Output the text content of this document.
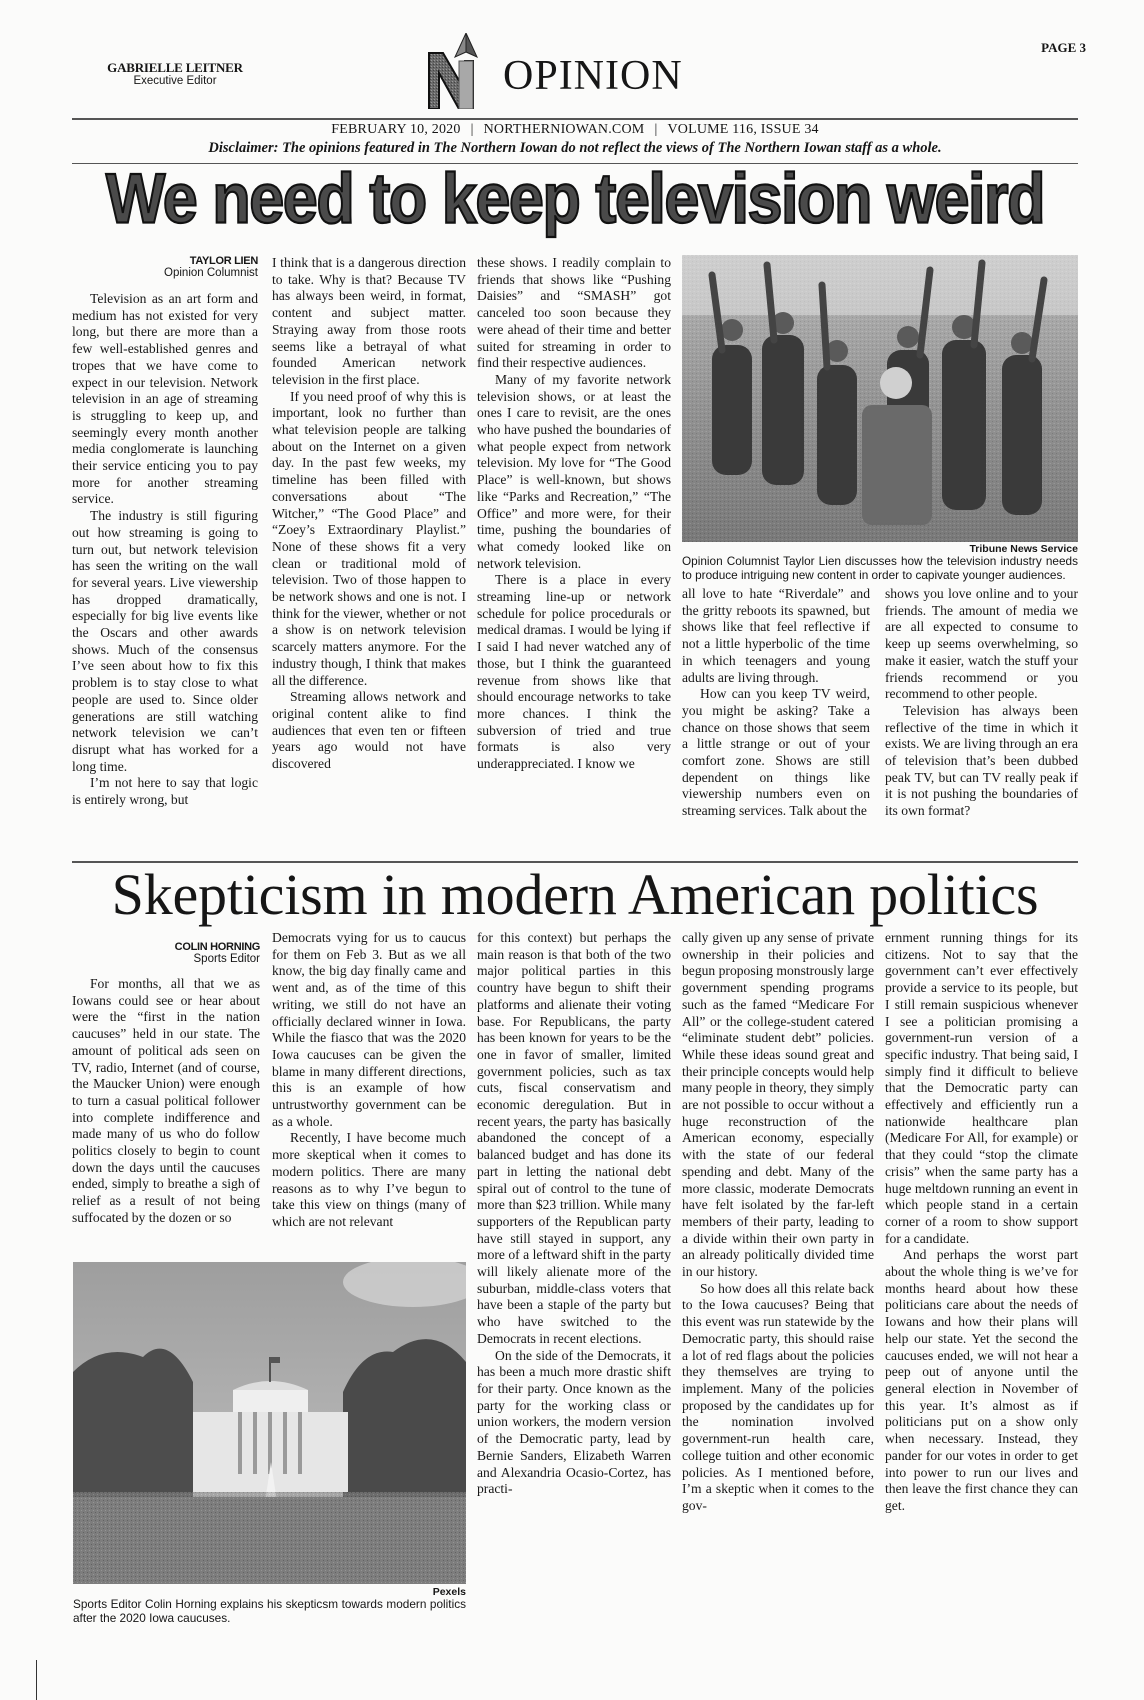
GABRIELLE LEITNER
Executive Editor	OPINION
PAGE 3
FEBRUARY 10, 2020 | NORTHERNIOWAN.COM | VOLUME 116, ISSUE 34
Disclaimer: The opinions featured in The Northern Iowan do not reflect the views of The Northern Iowan staff as a whole.
We need to keep television weird
TAYLOR LIEN
Opinion Columnist

Television as an art form and medium has not existed for very long, but there are more than a few well-established genres and tropes that we have come to expect in our television. Network television in an age of streaming is struggling to keep up, and seemingly every month another media conglomerate is launching their service enticing you to pay more for another streaming service.

The industry is still figuring out how streaming is going to turn out, but network television has seen the writing on the wall for several years. Live viewership has dropped dramatically, especially for big live events like the Oscars and other awards shows. Much of the consensus I’ve seen about how to fix this problem is to stay close to what people are used to. Since older generations are still watching network television we can’t disrupt what has worked for a long time.

I’m not here to say that logic is entirely wrong, but

I think that is a dangerous direction to take. Why is that? Because TV has always been weird, in format, content and subject matter. Straying away from those roots seems like a betrayal of what founded American network television in the first place.

If you need proof of why this is important, look no further than what television people are talking about on the Internet on a given day. In the past few weeks, my timeline has been filled with conversations about “The Witcher,” “The Good Place” and “Zoey’s Extraordinary Playlist.” None of these shows fit a very clean or traditional mold of television. Two of those happen to be network shows and one is not. I think for the viewer, whether or not a show is on network television scarcely matters anymore. For the industry though, I think that makes all the difference.

Streaming allows network and original content alike to find audiences that even ten or fifteen years ago would not have discovered

these shows. I readily complain to friends that shows like “Pushing Daisies” and “SMASH” got canceled too soon because they were ahead of their time and better suited for streaming in order to find their respective audiences.

Many of my favorite network television shows, or at least the ones I care to revisit, are the ones who have pushed the boundaries of what people expect from network television. My love for “The Good Place” is well-known, but shows like “Parks and Recreation,” “The Office” and more were, for their time, pushing the boundaries of what comedy looked like on network television.

There is a place in every streaming line-up or network schedule for police procedurals or medical dramas. I would be lying if I said I had never watched any of those, but I think the guaranteed revenue from shows like that should encourage networks to take more chances. I think the subversion of tried and true formats is also very underappreciated. I know we

Tribune News Service
Opinion Columnist Taylor Lien discusses how the television industry needs to produce intriguing new content in order to capivate younger audiences.

all love to hate “Riverdale” and the gritty reboots its spawned, but shows like that feel reflective if not a little hyperbolic of the time in which teenagers and young adults are living through.

How can you keep TV weird, you might be asking? Take a chance on those shows that seem a little strange or out of your comfort zone. Shows are still dependent on things like viewership numbers even on streaming services. Talk about the

shows you love online and to your friends. The amount of media we are all expected to consume to keep up seems overwhelming, so make it easier, watch the stuff your friends recommend or you recommend to other people.

Television has always been reflective of the time in which it exists. We are living through an era of television that’s been dubbed peak TV, but can TV really peak if it is not pushing the boundaries of its own format?

Skepticism in modern American politics
COLIN HORNING
Sports Editor

For months, all that we as Iowans could see or hear about were the “first in the nation caucuses” held in our state. The amount of political ads seen on TV, radio, Internet (and of course, the Maucker Union) were enough to turn a casual political follower into complete indifference and made many of us who do follow politics closely to begin to count down the days until the caucuses ended, simply to breathe a sigh of relief as a result of not being suffocated by the dozen or so

Democrats vying for us to caucus for them on Feb 3. But as we all know, the big day finally came and went and, as of the time of this writing, we still do not have an officially declared winner in Iowa. While the fiasco that was the 2020 Iowa caucuses can be given the blame in many different directions, this is an example of how untrustworthy government can be as a whole.

Recently, I have become much more skeptical when it comes to modern politics. There are many reasons as to why I’ve begun to take this view on things (many of which are not relevant

Pexels
Sports Editor Colin Horning explains his skepticsm towards modern politics after the 2020 Iowa caucuses.

for this context) but perhaps the main reason is that both of the two major political parties in this country have begun to shift their platforms and alienate their voting base. For Republicans, the party has been known for years to be the one in favor of smaller, limited government policies, such as tax cuts, fiscal conservatism and economic deregulation. But in recent years, the party has basically abandoned the concept of a balanced budget and has done its part in letting the national debt spiral out of control to the tune of more than $23 trillion. While many supporters of the Republican party have still stayed in support, any more of a leftward shift in the party will likely alienate more of the suburban, middle-class voters that have been a staple of the party but who have switched to the Democrats in recent elections.

On the side of the Democrats, it has been a much more drastic shift for their party. Once known as the party for the working class or union workers, the modern version of the Democratic party, lead by Bernie Sanders, Elizabeth Warren and Alexandria Ocasio-Cortez, has practi-

cally given up any sense of private ownership in their policies and begun proposing monstrously large government spending programs such as the famed “Medicare For All” or the college-student catered “eliminate student debt” policies. While these ideas sound great and their principle concepts would help many people in theory, they simply are not possible to occur without a huge reconstruction of the American economy, especially with the state of our federal spending and debt. Many of the more classic, moderate Democrats have felt isolated by the far-left members of their party, leading to a divide within their own party in an already politically divided time in our history.

So how does all this relate back to the Iowa caucuses? Being that this event was run statewide by the Democratic party, this should raise a lot of red flags about the policies they themselves are trying to implement. Many of the policies proposed by the candidates up for the nomination involved government-run health care, college tuition and other economic policies. As I mentioned before, I’m a skeptic when it comes to the gov-

ernment running things for its citizens. Not to say that the government can’t ever effectively provide a service to its people, but I still remain suspicious whenever I see a politician promising a government-run version of a specific industry. That being said, I simply find it difficult to believe that the Democratic party can effectively and efficiently run a nationwide healthcare plan (Medicare For All, for example) or that they could “stop the climate crisis” when the same party has a huge meltdown running an event in which people stand in a certain corner of a room to show support for a candidate.

And perhaps the worst part about the whole thing is we’ve for months heard about how these politicians care about the needs of Iowans and how their plans will help our state. Yet the second the caucuses ended, we will not hear a peep out of anyone until the general election in November of this year. It’s almost as if politicians put on a show only when necessary. Instead, they pander for our votes in order to get into power to run our lives and then leave the first chance they can get.
